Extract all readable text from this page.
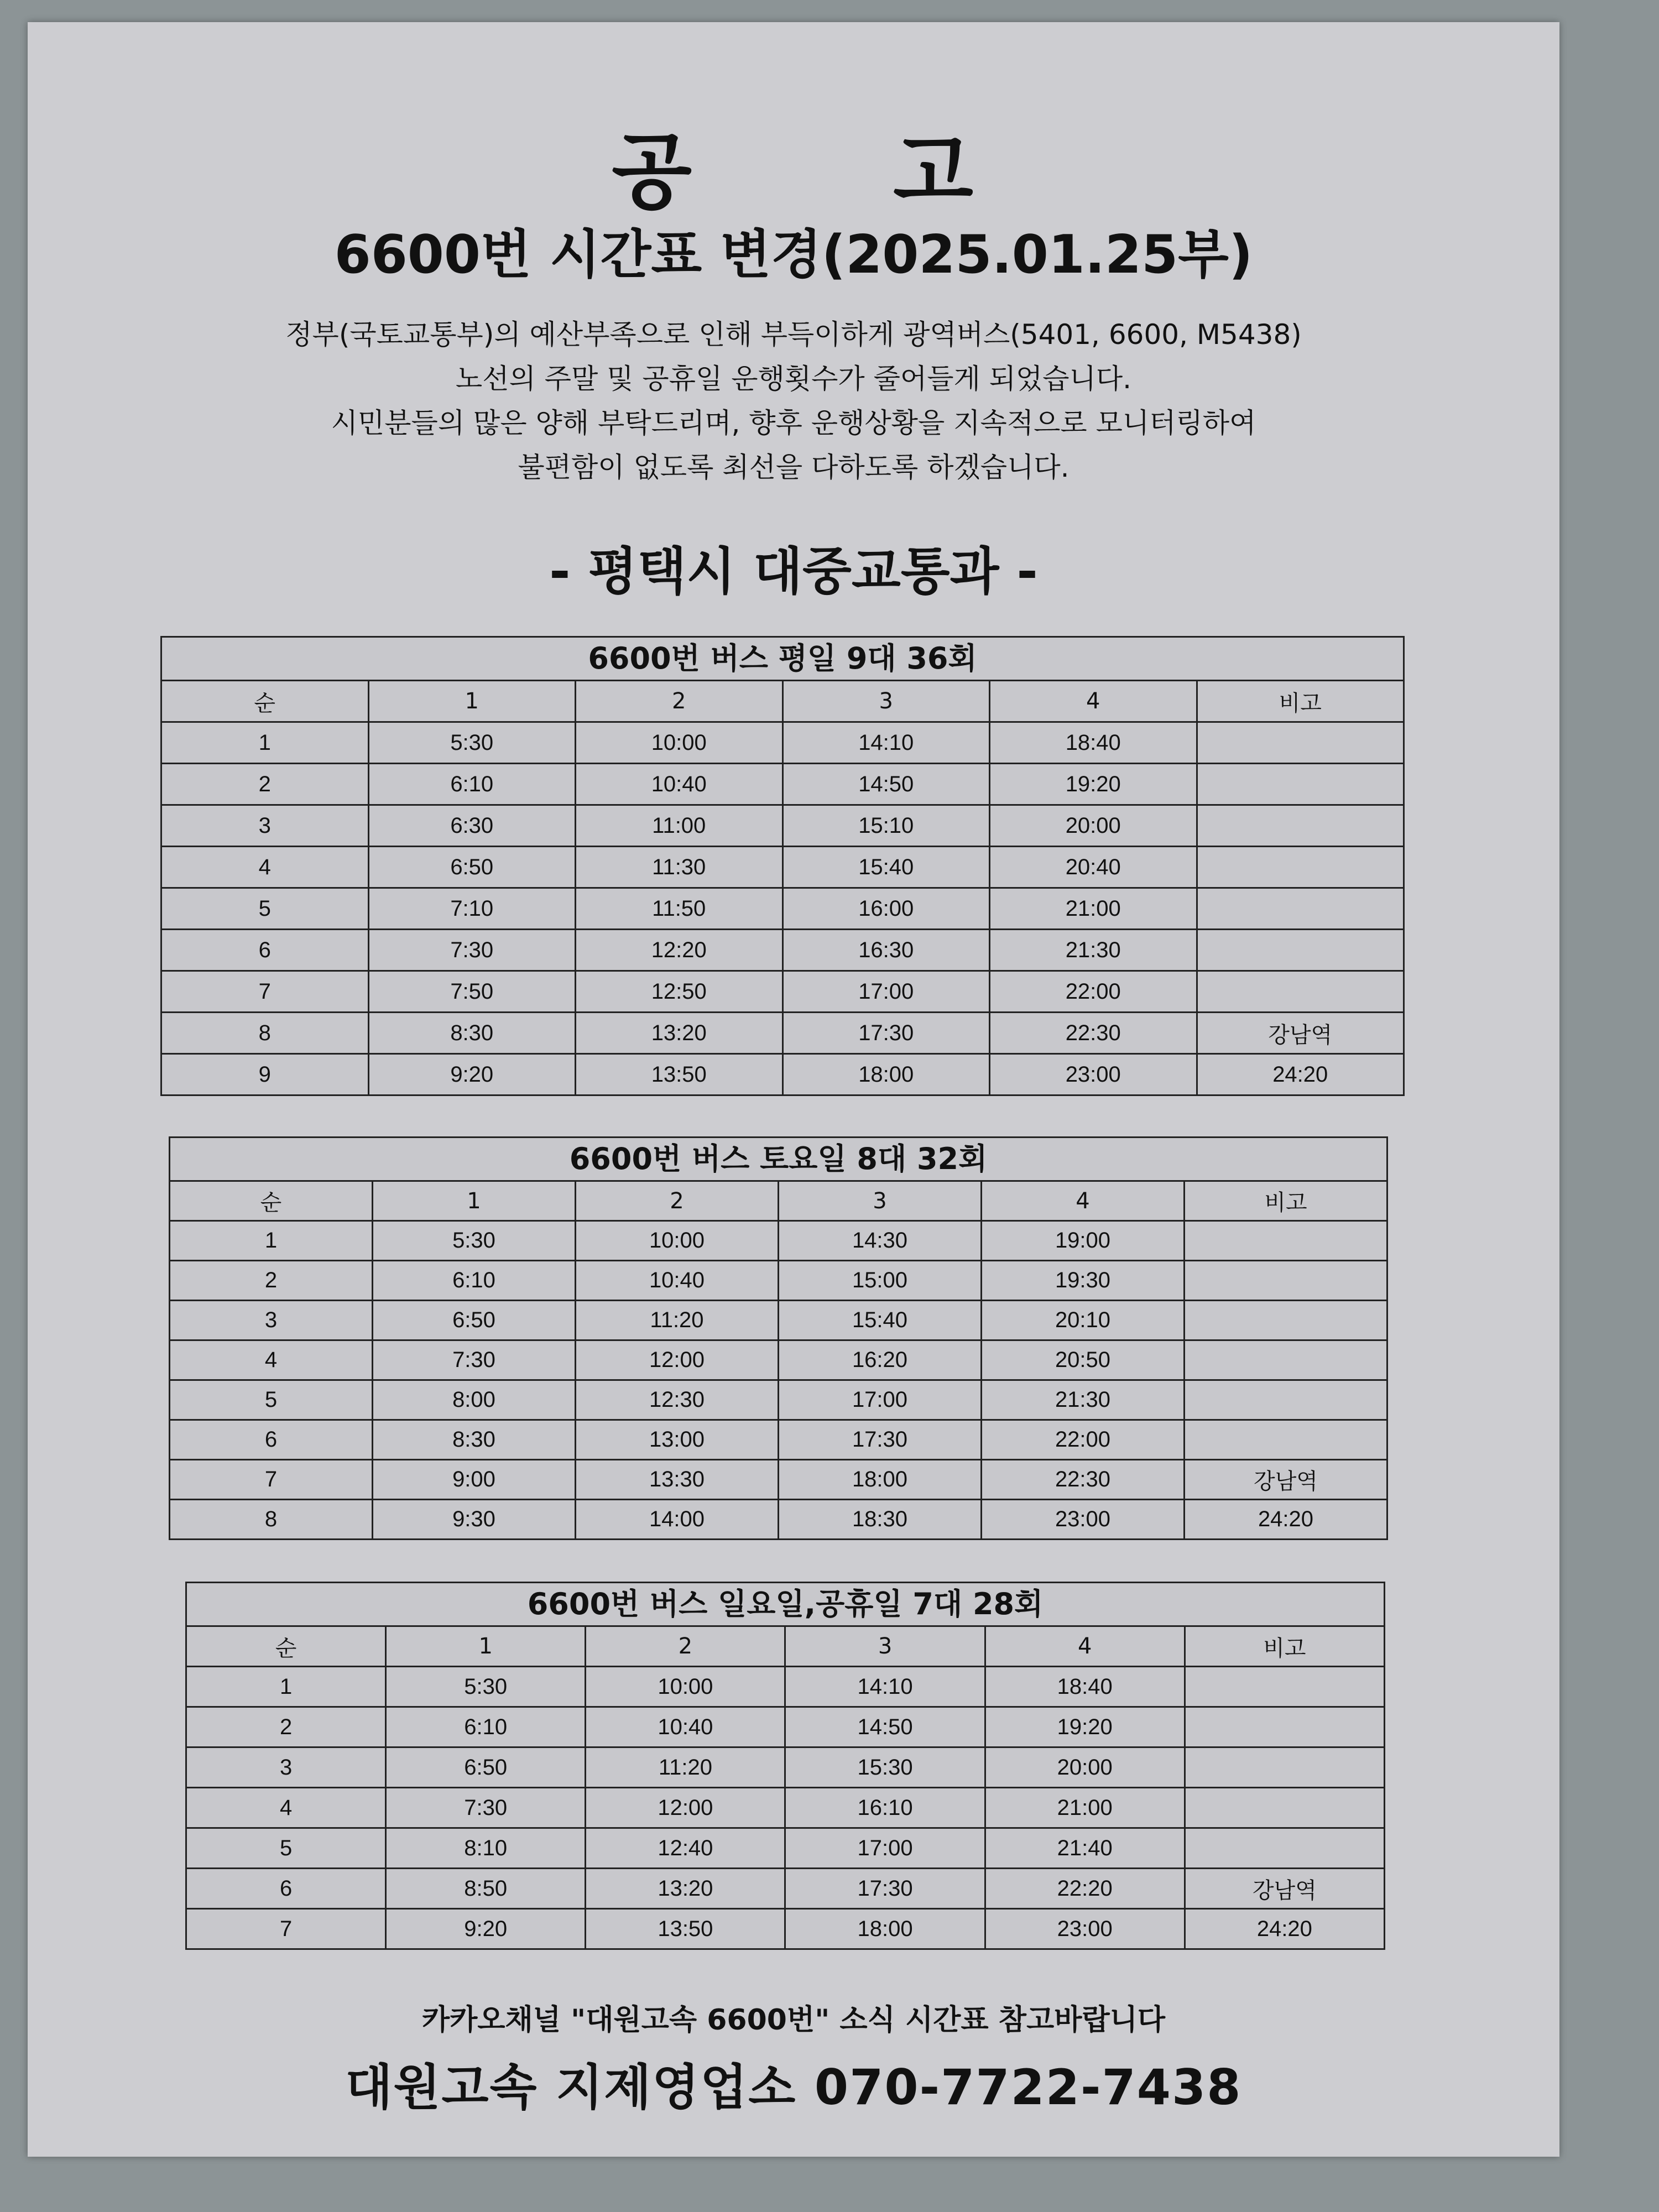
공 고
6600번 시간표 변경(2025.01.25부)
정부(국토교통부)의 예산부족으로 인해 부득이하게 광역버스(5401, 6600, M5438)
노선의 주말 및 공휴일 운행횟수가 줄어들게 되었습니다.
시민분들의 많은 양해 부탁드리며, 향후 운행상황을 지속적으로 모니터링하여
불편함이 없도록 최선을 다하도록 하겠습니다.
- 평택시 대중교통과 -
6600번 버스 평일 9대 36회
순	1	2	3	4	비고
1	5:30	10:00	14:10	18:40	
2	6:10	10:40	14:50	19:20	
3	6:30	11:00	15:10	20:00	
4	6:50	11:30	15:40	20:40	
5	7:10	11:50	16:00	21:00	
6	7:30	12:20	16:30	21:30	
7	7:50	12:50	17:00	22:00	
8	8:30	13:20	17:30	22:30	강남역
9	9:20	13:50	18:00	23:00	24:20
6600번 버스 토요일 8대 32회
순	1	2	3	4	비고
1	5:30	10:00	14:30	19:00	
2	6:10	10:40	15:00	19:30	
3	6:50	11:20	15:40	20:10	
4	7:30	12:00	16:20	20:50	
5	8:00	12:30	17:00	21:30	
6	8:30	13:00	17:30	22:00	
7	9:00	13:30	18:00	22:30	강남역
8	9:30	14:00	18:30	23:00	24:20
6600번 버스 일요일,공휴일 7대 28회
순	1	2	3	4	비고
1	5:30	10:00	14:10	18:40	
2	6:10	10:40	14:50	19:20	
3	6:50	11:20	15:30	20:00	
4	7:30	12:00	16:10	21:00	
5	8:10	12:40	17:00	21:40	
6	8:50	13:20	17:30	22:20	강남역
7	9:20	13:50	18:00	23:00	24:20
카카오채널 "대원고속 6600번" 소식 시간표 참고바랍니다
대원고속 지제영업소 070-7722-7438
